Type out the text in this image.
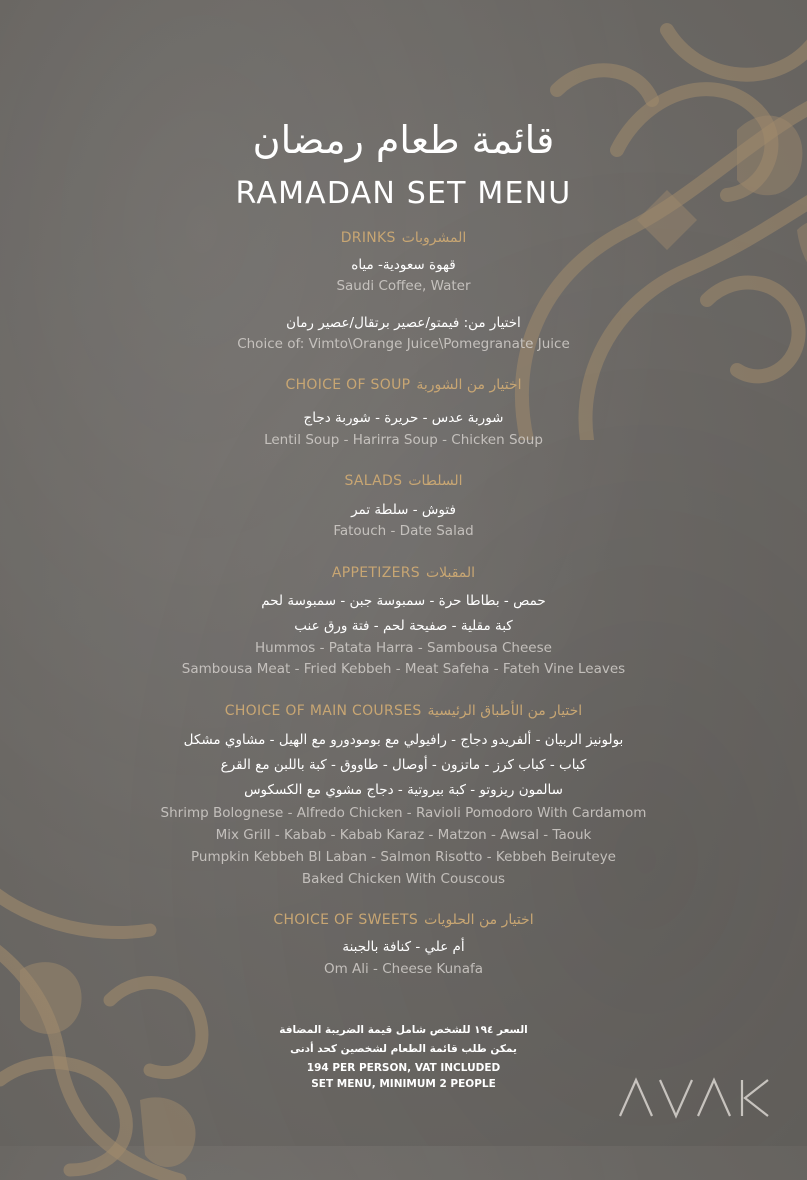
قائمة طعام رمضان
RAMADAN SET MENU
DRINKS المشروبات
قهوة سعودية- مياه
Saudi Coffee, Water
اختيار من: فيمتو/عصير برتقال/عصير رمان
Choice of: Vimto\Orange Juice\Pomegranate Juice
CHOICE OF SOUP اختيار من الشوربة
شوربة عدس - حريرة - شوربة دجاج
Lentil Soup - Harirra Soup - Chicken Soup
SALADS السلطات
فتوش - سلطة تمر
Fatouch - Date Salad
APPETIZERS المقبلات
حمص - بطاطا حرة - سمبوسة جبن - سمبوسة لحم
كبة مقلية - صفيحة لحم - فتة ورق عنب
Hummos - Patata Harra - Sambousa Cheese
Sambousa Meat - Fried Kebbeh - Meat Safeha - Fateh Vine Leaves
CHOICE OF MAIN COURSES اختيار من الأطباق الرئيسية
بولونيز الربيان - ألفريدو دجاج - رافيولي مع بومودورو مع الهيل - مشاوي مشكل
كباب - كباب كرز - ماتزون - أوصال - طاووق - كبة باللبن مع القرع
سالمون ريزوتو - كبة بيروتية - دجاج مشوي مع الكسكوس
Shrimp Bolognese - Alfredo Chicken - Ravioli Pomodoro With Cardamom
Mix Grill - Kabab - Kabab Karaz - Matzon - Awsal - Taouk
Pumpkin Kebbeh Bl Laban - Salmon Risotto - Kebbeh Beiruteye
Baked Chicken With Couscous
CHOICE OF SWEETS اختيار من الحلويات
أم علي - كنافة بالجبنة
Om Ali - Cheese Kunafa
السعر ١٩٤ للشخص شامل قيمة الضريبة المضافة
يمكن طلب قائمة الطعام لشخصين كحد أدنى
194 PER PERSON, VAT INCLUDED
SET MENU, MINIMUM 2 PEOPLE
